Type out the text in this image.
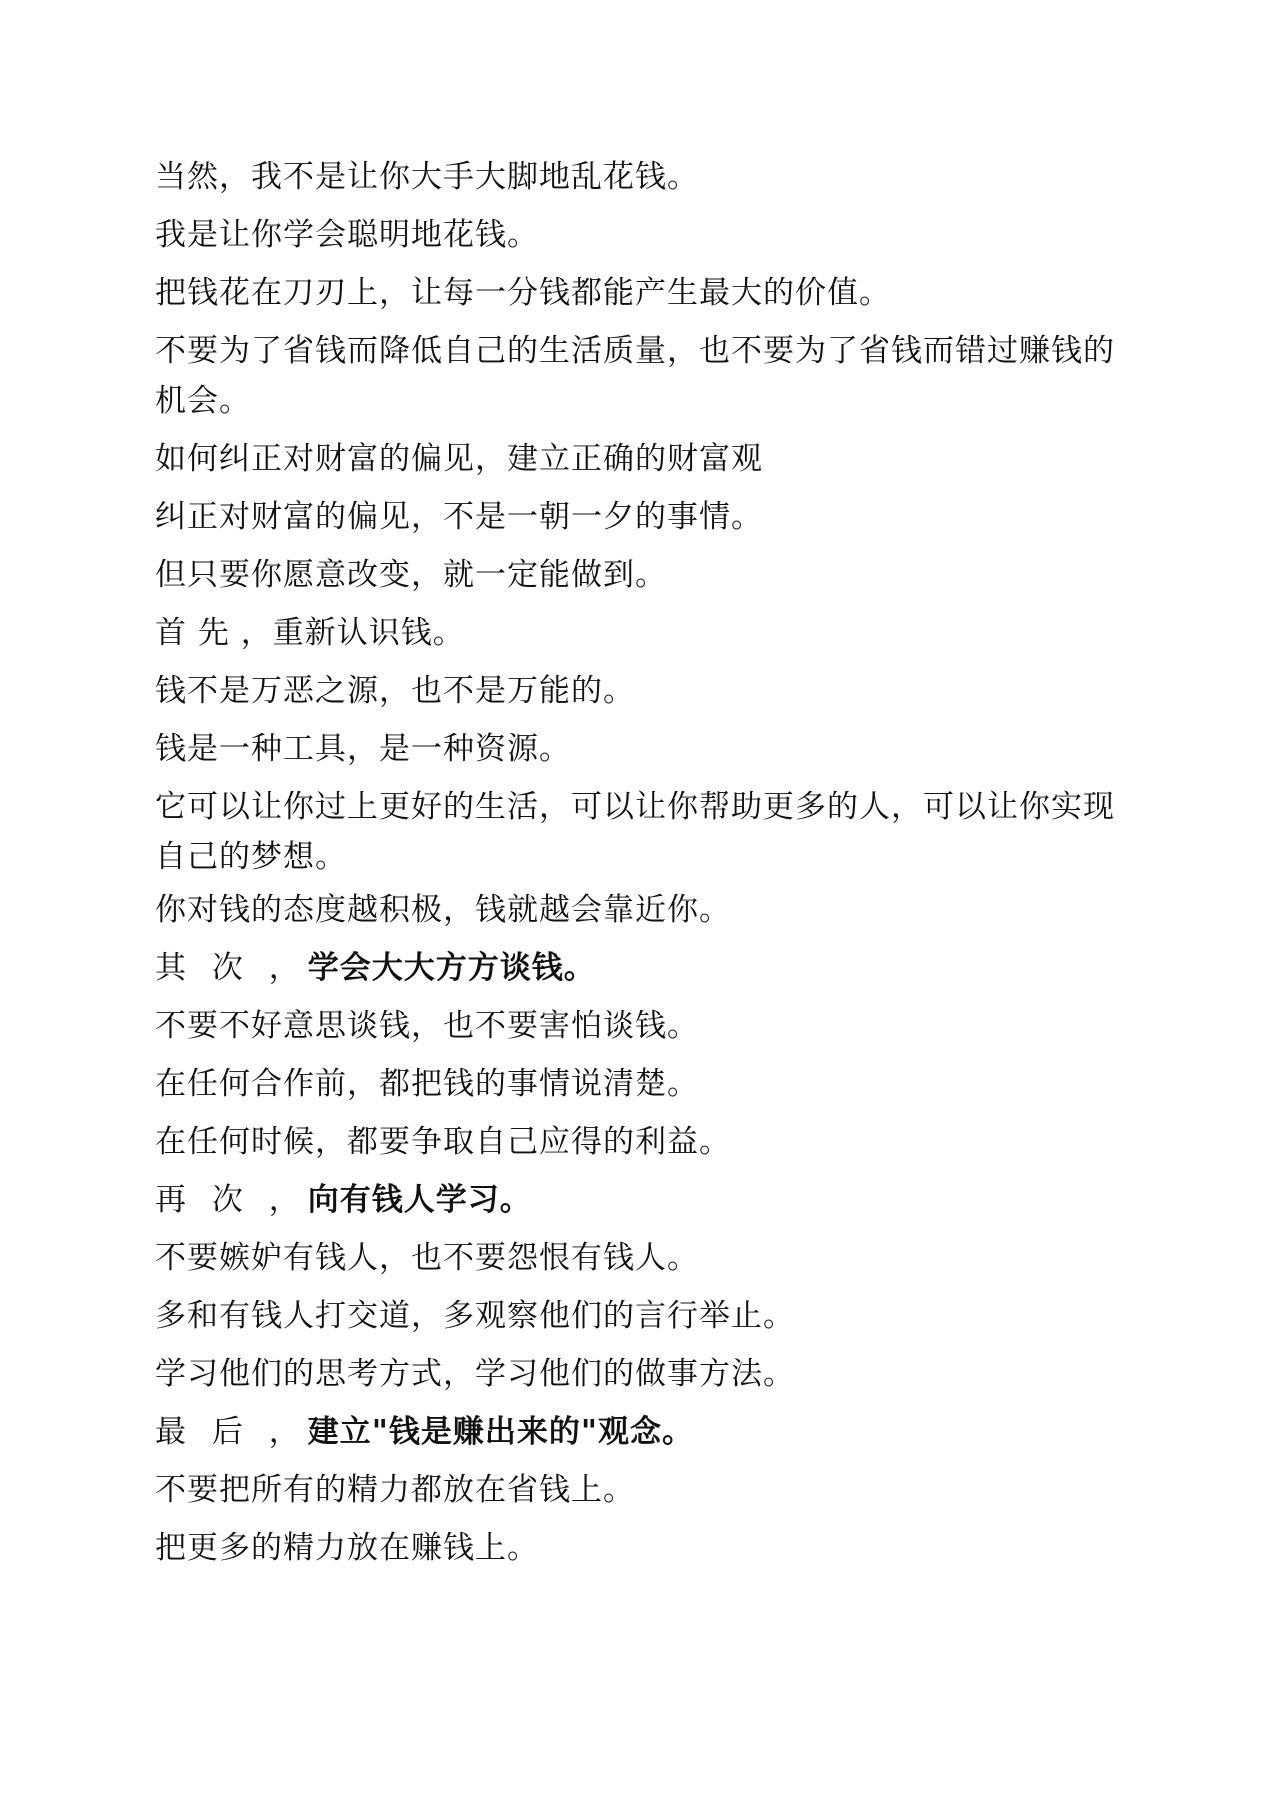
当然，我不是让你大手大脚地乱花钱。
我是让你学会聪明地花钱。
把钱花在刀刃上，让每一分钱都能产生最大的价值。
不要为了省钱而降低自己的生活质量，也不要为了省钱而错过赚钱的机会。
如何纠正对财富的偏见，建立正确的财富观
纠正对财富的偏见，不是一朝一夕的事情。
但只要你愿意改变，就一定能做到。
首 先 ，重新认识钱。
钱不是万恶之源，也不是万能的。
钱是一种工具，是一种资源。
它可以让你过上更好的生活，可以让你帮助更多的人，可以让你实现自己的梦想。
你对钱的态度越积极，钱就越会靠近你。
其 次 ，学会大大方方谈钱。
不要不好意思谈钱，也不要害怕谈钱。
在任何合作前，都把钱的事情说清楚。
在任何时候，都要争取自己应得的利益。
再 次 ，向有钱人学习。
不要嫉妒有钱人，也不要怨恨有钱人。
多和有钱人打交道，多观察他们的言行举止。
学习他们的思考方式，学习他们的做事方法。
最 后 ，建立"钱是赚出来的"观念。
不要把所有的精力都放在省钱上。
把更多的精力放在赚钱上。
